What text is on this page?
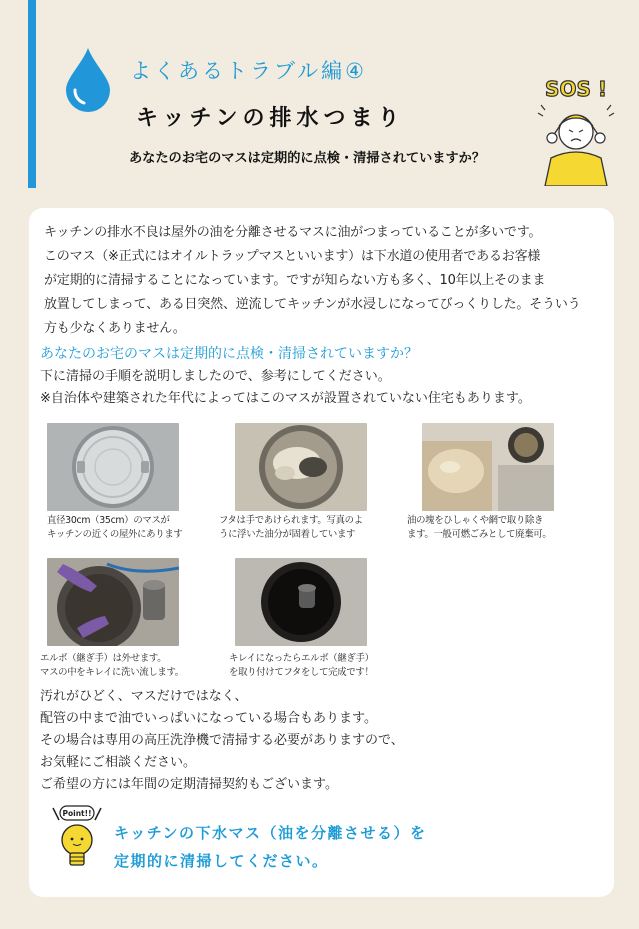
よくあるトラブル編④
キッチンの排水つまり
あなたのお宅のマスは定期的に点検・清掃されていますか？
SOS !
キッチンの排水不良は屋外の油を分離させるマスに油がつまっていることが多いです。
このマス（※正式にはオイルトラップマスといいます）は下水道の使用者であるお客様
が定期的に清掃することになっています。ですが知らない方も多く、10年以上そのまま
放置してしまって、ある日突然、逆流してキッチンが水浸しになってびっくりした。そういう
方も少なくありません。
あなたのお宅のマスは定期的に点検・清掃されていますか？
下に清掃の手順を説明しましたので、参考にしてください。
※自治体や建築された年代によってはこのマスが設置されていない住宅もあります。
直径30cm（35cm）のマスが
キッチンの近くの屋外にあります
フタは手であけられます。写真のよ
うに浮いた油分が固着しています
油の塊をひしゃくや網で取り除き
ます。一般可燃ごみとして廃棄可。
エルボ（継ぎ手）は外せます。
マスの中をキレイに洗い流します。
キレイになったらエルボ（継ぎ手）
を取り付けてフタをして完成です！
汚れがひどく、マスだけではなく、
配管の中まで油でいっぱいになっている場合もあります。
その場合は専用の高圧洗浄機で清掃する必要がありますので、
お気軽にご相談ください。
ご希望の方には年間の定期清掃契約もございます。
Point!!
キッチンの下水マス（油を分離させる）を
定期的に清掃してください。
